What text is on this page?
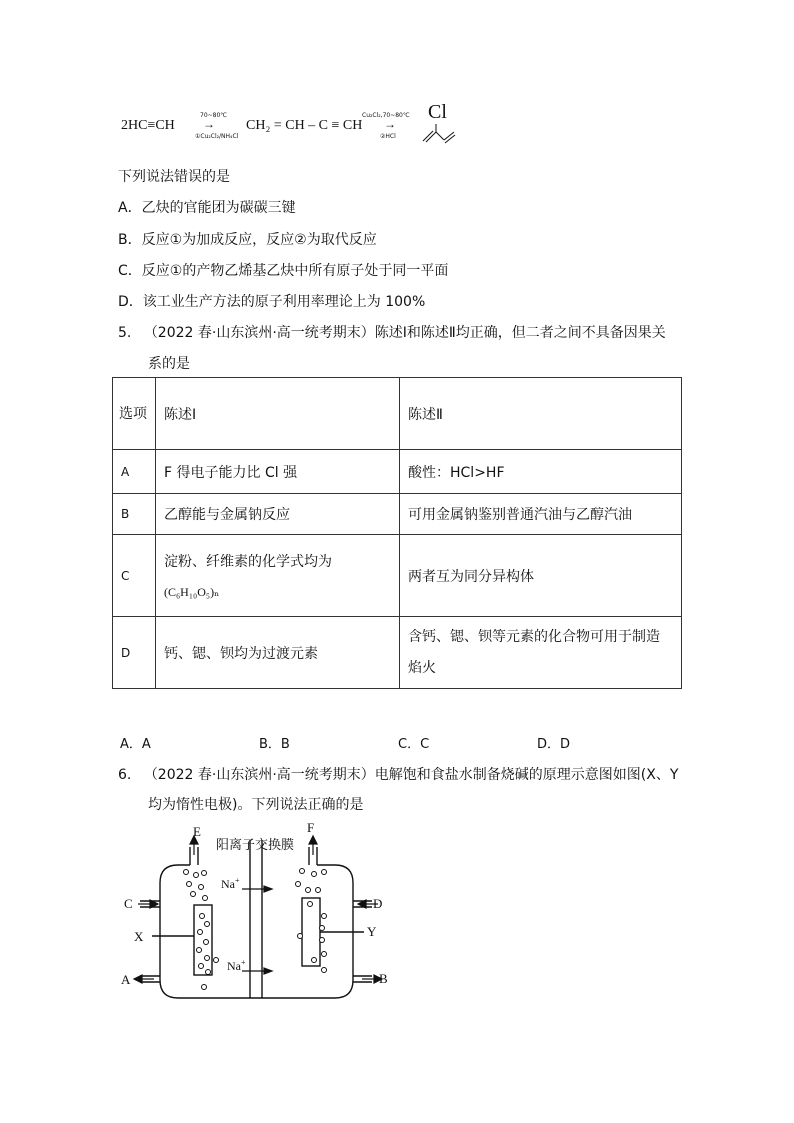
2HC≡CH
70~80℃
→
①Cu₂Cl₂/NH₄Cl
CH₂ = CH – C ≡ CH
Cu₂Cl₂,70~80℃
→
②HCl
Cl
下列说法错误的是
A．乙炔的官能团为碳碳三键
B．反应①为加成反应，反应②为取代反应
C．反应①的产物乙烯基乙炔中所有原子处于同一平面
D．该工业生产方法的原子利用率理论上为 100%
5. （2022 春·山东滨州·高一统考期末）陈述Ⅰ和陈述Ⅱ均正确，但二者之间不具备因果关
系的是
选项	陈述Ⅰ	陈述Ⅱ
A	F 得电子能力比 Cl 强	酸性：HCl>HF
B	乙醇能与金属钠反应	可用金属钠鉴别普通汽油与乙醇汽油
C	淀粉、纤维素的化学式均为
(C₆H₁₀O₅)ₙ	两者互为同分异构体
D	钙、锶、钡均为过渡元素	含钙、锶、钡等元素的化合物可用于制造焰火
A．A	B．B	C．C	D．D
6. （2022 春·山东滨州·高一统考期末）电解饱和食盐水制备烧碱的原理示意图如图(X、Y
均为惰性电极)。下列说法正确的是
E	F
阳离子交换膜
C	D
X	Y
A	B
Na+
Na+
